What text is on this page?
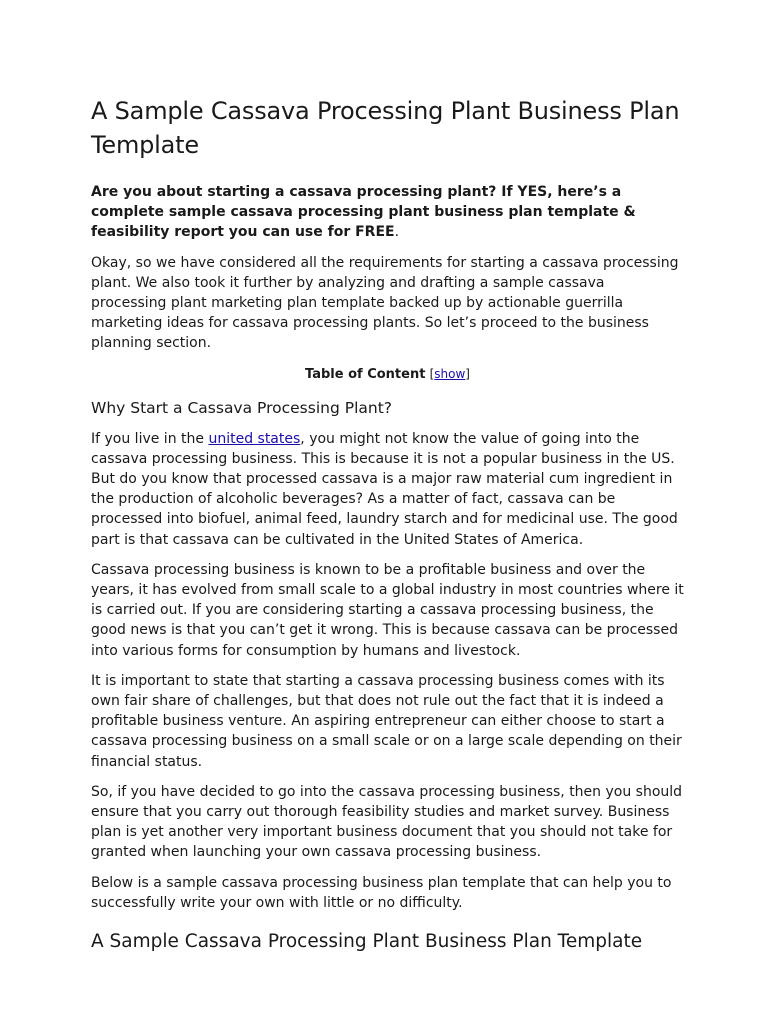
A Sample Cassava Processing Plant Business Plan Template

Are you about starting a cassava processing plant? If YES, here’s a complete sample cassava processing plant business plan template & feasibility report you can use for FREE.

Okay, so we have considered all the requirements for starting a cassava processing plant. We also took it further by analyzing and drafting a sample cassava processing plant marketing plan template backed up by actionable guerrilla marketing ideas for cassava processing plants. So let’s proceed to the business planning section.

Table of Content [show]
Why Start a Cassava Processing Plant?

If you live in the united states, you might not know the value of going into the cassava processing business. This is because it is not a popular business in the US. But do you know that processed cassava is a major raw material cum ingredient in the production of alcoholic beverages? As a matter of fact, cassava can be processed into biofuel, animal feed, laundry starch and for medicinal use. The good part is that cassava can be cultivated in the United States of America.

Cassava processing business is known to be a profitable business and over the years, it has evolved from small scale to a global industry in most countries where it is carried out. If you are considering starting a cassava processing business, the good news is that you can’t get it wrong. This is because cassava can be processed into various forms for consumption by humans and livestock.

It is important to state that starting a cassava processing business comes with its own fair share of challenges, but that does not rule out the fact that it is indeed a profitable business venture. An aspiring entrepreneur can either choose to start a cassava processing business on a small scale or on a large scale depending on their financial status.

So, if you have decided to go into the cassava processing business, then you should ensure that you carry out thorough feasibility studies and market survey. Business plan is yet another very important business document that you should not take for granted when launching your own cassava processing business.

Below is a sample cassava processing business plan template that can help you to successfully write your own with little or no difficulty.

A Sample Cassava Processing Plant Business Plan Template
